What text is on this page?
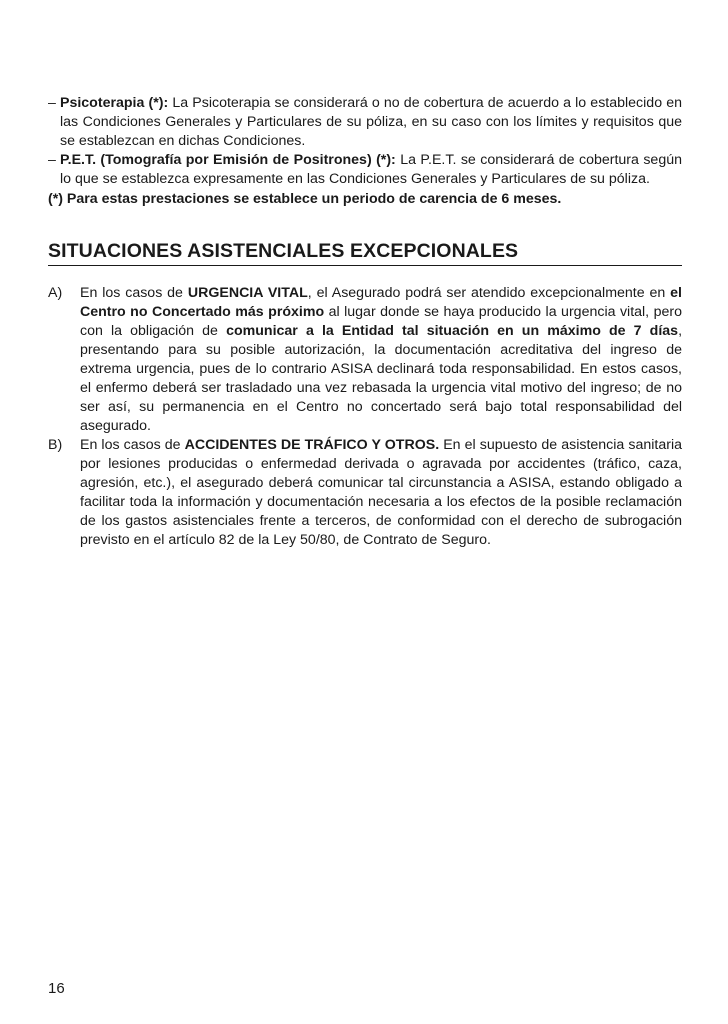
– Psicoterapia (*): La Psicoterapia se considerará o no de cobertura de acuerdo a lo establecido en las Condiciones Generales y Particulares de su póliza, en su caso con los límites y requisitos que se establezcan en dichas Condiciones.
– P.E.T. (Tomografía por Emisión de Positrones) (*): La P.E.T. se considerará de cobertura según lo que se establezca expresamente en las Condiciones Generales y Particulares de su póliza.
(*) Para estas prestaciones se establece un periodo de carencia de 6 meses.
SITUACIONES ASISTENCIALES EXCEPCIONALES
A) En los casos de URGENCIA VITAL, el Asegurado podrá ser atendido excepcionalmente en el Centro no Concertado más próximo al lugar donde se haya producido la urgencia vital, pero con la obligación de comunicar a la Entidad tal situación en un máximo de 7 días, presentando para su posible autorización, la documentación acreditativa del ingreso de extrema urgencia, pues de lo contrario ASISA declinará toda responsabilidad. En estos casos, el enfermo deberá ser trasladado una vez rebasada la urgencia vital motivo del ingreso; de no ser así, su permanencia en el Centro no concertado será bajo total responsabilidad del asegurado.
B) En los casos de ACCIDENTES DE TRÁFICO Y OTROS. En el supuesto de asistencia sanitaria por lesiones producidas o enfermedad derivada o agravada por accidentes (tráfico, caza, agresión, etc.), el asegurado deberá comunicar tal circunstancia a ASISA, estando obligado a facilitar toda la información y documentación necesaria a los efectos de la posible reclamación de los gastos asistenciales frente a terceros, de conformidad con el derecho de subrogación previsto en el artículo 82 de la Ley 50/80, de Contrato de Seguro.
16
